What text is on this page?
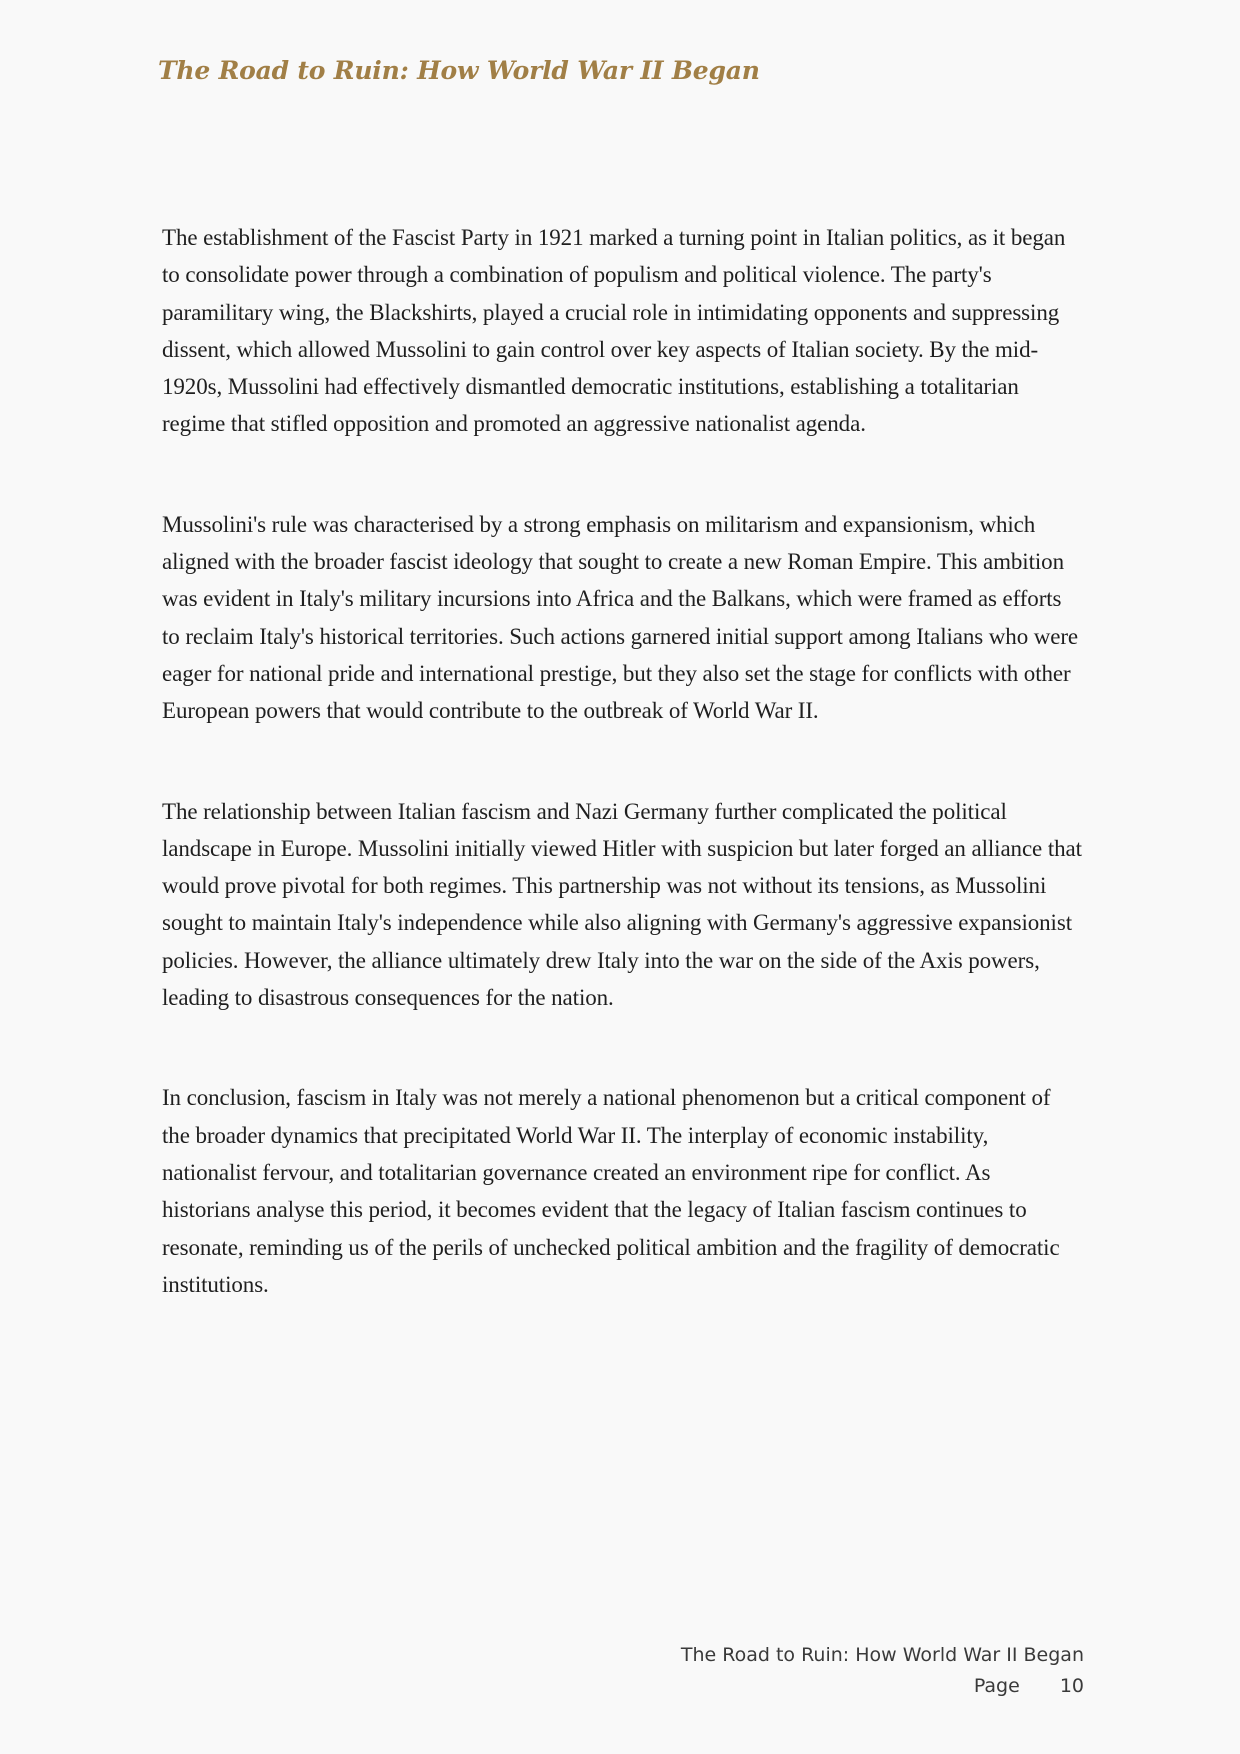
The Road to Ruin: How World War II Began

The establishment of the Fascist Party in 1921 marked a turning point in Italian politics, as it began to consolidate power through a combination of populism and political violence. The party's paramilitary wing, the Blackshirts, played a crucial role in intimidating opponents and suppressing dissent, which allowed Mussolini to gain control over key aspects of Italian society. By the mid-1920s, Mussolini had effectively dismantled democratic institutions, establishing a totalitarian regime that stifled opposition and promoted an aggressive nationalist agenda.

Mussolini's rule was characterised by a strong emphasis on militarism and expansionism, which aligned with the broader fascist ideology that sought to create a new Roman Empire. This ambition was evident in Italy's military incursions into Africa and the Balkans, which were framed as efforts to reclaim Italy's historical territories. Such actions garnered initial support among Italians who were eager for national pride and international prestige, but they also set the stage for conflicts with other European powers that would contribute to the outbreak of World War II.

The relationship between Italian fascism and Nazi Germany further complicated the political landscape in Europe. Mussolini initially viewed Hitler with suspicion but later forged an alliance that would prove pivotal for both regimes. This partnership was not without its tensions, as Mussolini sought to maintain Italy's independence while also aligning with Germany's aggressive expansionist policies. However, the alliance ultimately drew Italy into the war on the side of the Axis powers, leading to disastrous consequences for the nation.

In conclusion, fascism in Italy was not merely a national phenomenon but a critical component of the broader dynamics that precipitated World War II. The interplay of economic instability, nationalist fervour, and totalitarian governance created an environment ripe for conflict. As historians analyse this period, it becomes evident that the legacy of Italian fascism continues to resonate, reminding us of the perils of unchecked political ambition and the fragility of democratic institutions.

The Road to Ruin: How World War II Began
Page 10
